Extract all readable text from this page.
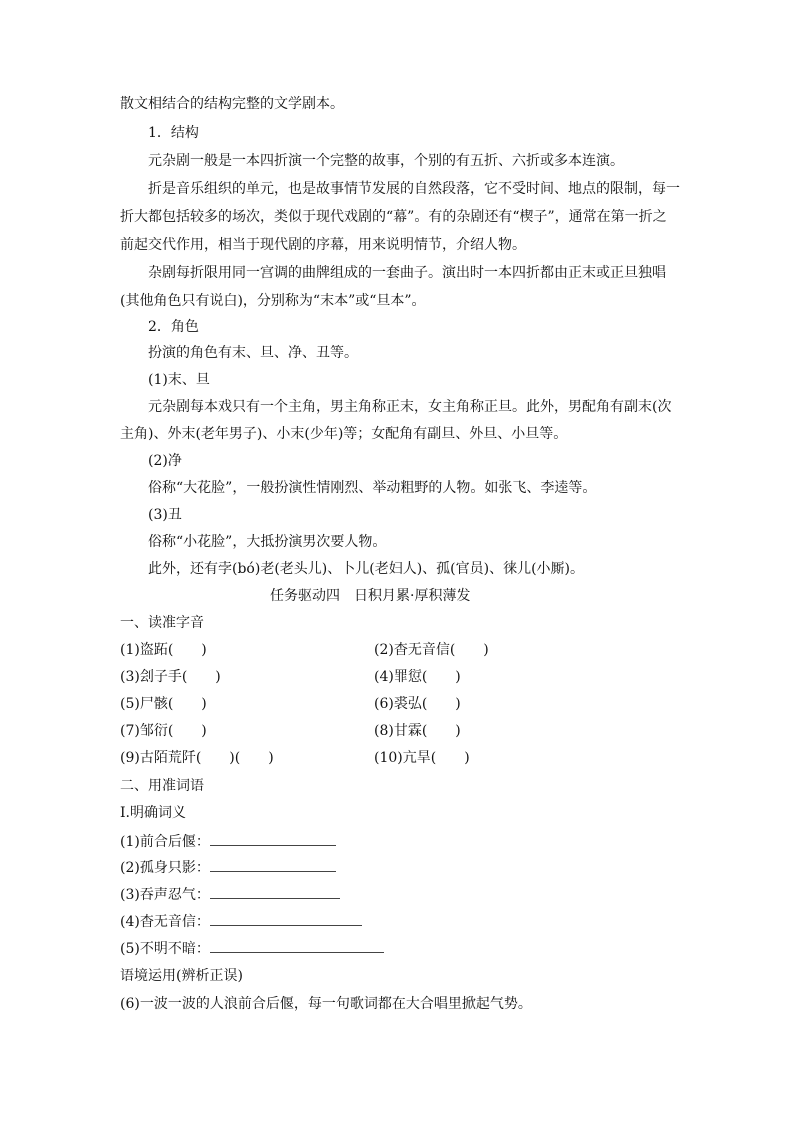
散文相结合的结构完整的文学剧本。
1．结构
元杂剧一般是一本四折演一个完整的故事，个别的有五折、六折或多本连演。
折是音乐组织的单元，也是故事情节发展的自然段落，它不受时间、地点的限制，每一
折大都包括较多的场次，类似于现代戏剧的“幕”。有的杂剧还有“楔子”，通常在第一折之
前起交代作用，相当于现代剧的序幕，用来说明情节，介绍人物。
杂剧每折限用同一宫调的曲牌组成的一套曲子。演出时一本四折都由正末或正旦独唱
(其他角色只有说白)，分别称为“末本”或“旦本”。
2．角色
扮演的角色有末、旦、净、丑等。
(1)末、旦
元杂剧每本戏只有一个主角，男主角称正末，女主角称正旦。此外，男配角有副末(次
主角)、外末(老年男子)、小末(少年)等；女配角有副旦、外旦、小旦等。
(2)净
俗称“大花脸”，一般扮演性情刚烈、举动粗野的人物。如张飞、李逵等。
(3)丑
俗称“小花脸”，大抵扮演男次要人物。
此外，还有孛(bó)老(老头儿)、卜儿(老妇人)、孤(官员)、徕儿(小厮)。
任务驱动四　日积月累·厚积薄发
一、读准字音
(1)盗跖(　　)	(2)杳无音信(　　)
(3)刽子手(　　)	(4)罪愆(　　)
(5)尸骸(　　)	(6)裘弘(　　)
(7)邹衍(　　)	(8)甘霖(　　)
(9)古陌荒阡(　　)(　　)	(10)亢旱(　　)
二、用准词语
Ⅰ.明确词义
(1)前合后偃：
(2)孤身只影：
(3)吞声忍气：
(4)杳无音信：
(5)不明不暗：
语境运用(辨析正误)
(6)一波一波的人浪前合后偃，每一句歌词都在大合唱里掀起气势。
